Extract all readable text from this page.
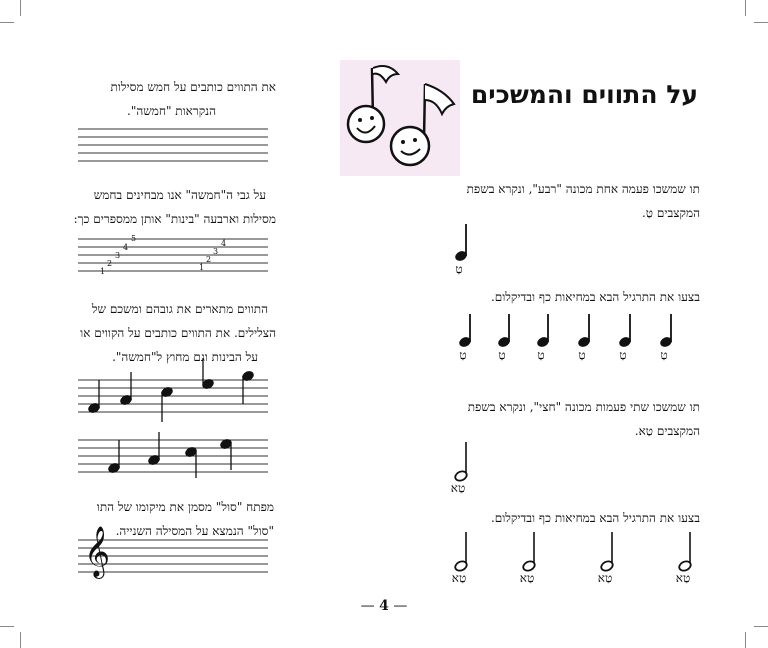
על התווים והמשכים
תו שמשכו פעמה אחת מכונה "רבע", ונקרא בשפת
המקצבים טַ.
טַ
בצעו את התרגיל הבא במחיאות כף ובדיקלום.
טַ	טַ	טַ	טַ	טַ	טַ
תו שמשכו שתי פעמות מכונה "חצי", ונקרא בשפת
המקצבים טַא.
טַא
בצעו את התרגיל הבא במחיאות כף ובדיקלום.
טַא	טַא	טַא	טַא
את התווים כותבים על חמש מסילות
הנקראות "חמשה".
על גבי ה"חמשה" אנו מבחינים בחמש
מסילות וארבעה "בינות" אותן ממספרים כך:
1
2
3
4
5
1
2
3
4
התווים מתארים את גובהם ומשכם של
הצלילים. את התווים כותבים על הקווים או
על הבינות וגם מחוץ ל"חמשה".
מפתח "סול" מסמן את מיקומו של התו
"סול" הנמצא על המסילה השנייה.
𝄞
— 4 —
